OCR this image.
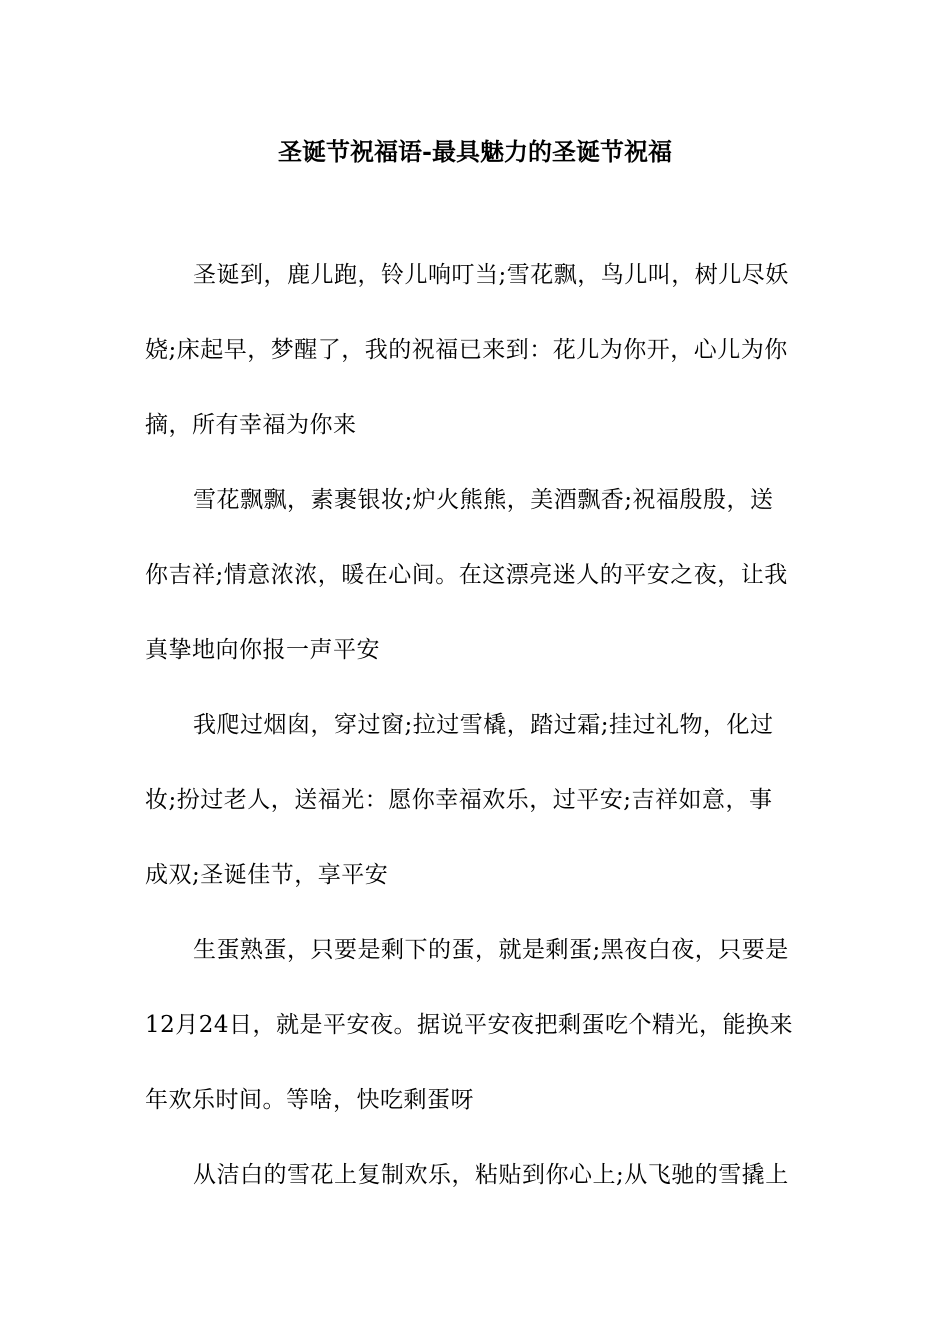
圣诞节祝福语-最具魅力的圣诞节祝福
圣诞到，鹿儿跑，铃儿响叮当;雪花飘，鸟儿叫，树儿尽妖
娆;床起早，梦醒了，我的祝福已来到：花儿为你开，心儿为你
摘，所有幸福为你来
雪花飘飘，素裹银妆;炉火熊熊，美酒飘香;祝福殷殷，送
你吉祥;情意浓浓，暖在心间。在这漂亮迷人的平安之夜，让我
真挚地向你报一声平安
我爬过烟囱，穿过窗;拉过雪橇，踏过霜;挂过礼物，化过
妆;扮过老人，送福光：愿你幸福欢乐，过平安;吉祥如意，事
成双;圣诞佳节，享平安
生蛋熟蛋，只要是剩下的蛋，就是剩蛋;黑夜白夜，只要是
12月24日，就是平安夜。据说平安夜把剩蛋吃个精光，能换来
年欢乐时间。等啥，快吃剩蛋呀
从洁白的雪花上复制欢乐，粘贴到你心上;从飞驰的雪撬上
